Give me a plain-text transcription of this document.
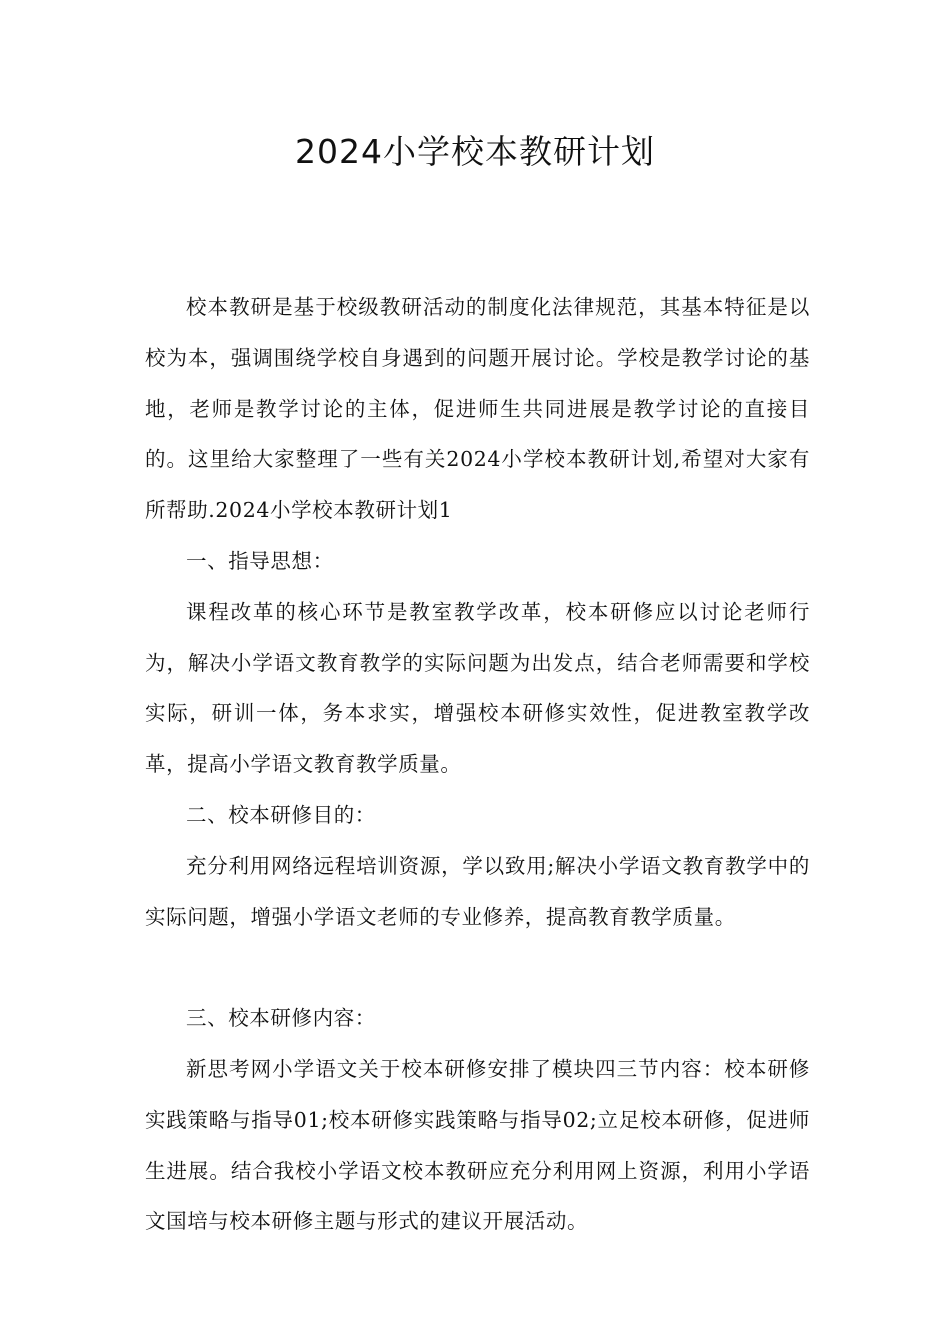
2024小学校本教研计划

校本教研是基于校级教研活动的制度化法律规范，其基本特征是以校为本，强调围绕学校自身遇到的问题开展讨论。学校是教学讨论的基地，老师是教学讨论的主体，促进师生共同进展是教学讨论的直接目的。这里给大家整理了一些有关2024小学校本教研计划,希望对大家有所帮助.2024小学校本教研计划1

一、指导思想：

课程改革的核心环节是教室教学改革，校本研修应以讨论老师行为，解决小学语文教育教学的实际问题为出发点，结合老师需要和学校实际，研训一体，务本求实，增强校本研修实效性，促进教室教学改革，提高小学语文教育教学质量。

二、校本研修目的：

充分利用网络远程培训资源，学以致用;解决小学语文教育教学中的实际问题，增强小学语文老师的专业修养，提高教育教学质量。

三、校本研修内容：

新思考网小学语文关于校本研修安排了模块四三节内容：校本研修实践策略与指导01;校本研修实践策略与指导02;立足校本研修，促进师生进展。结合我校小学语文校本教研应充分利用网上资源，利用小学语文国培与校本研修主题与形式的建议开展活动。
